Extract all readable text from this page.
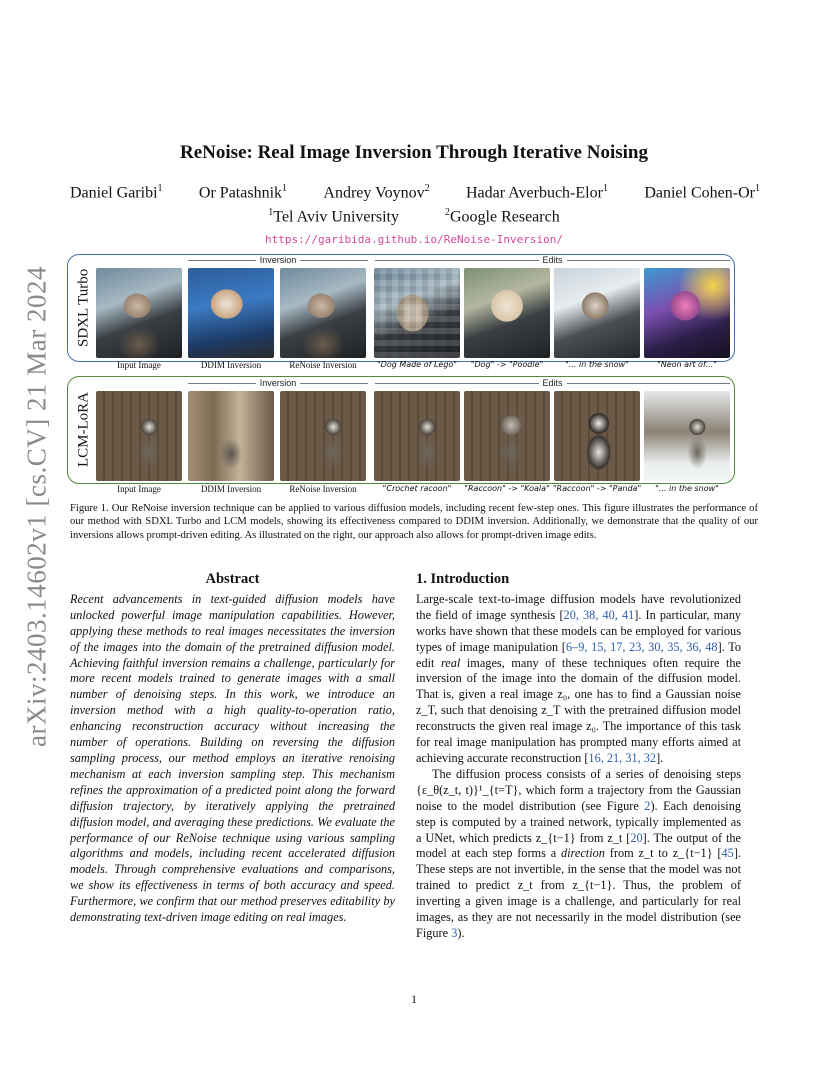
arXiv:2403.14602v1 [cs.CV] 21 Mar 2024
ReNoise: Real Image Inversion Through Iterative Noising
Daniel Garibi$^1$ Or Patashnik$^1$ Andrey Voynov$^2$ Hadar Averbuch-Elor$^1$ Daniel Cohen-Or$^1$
$^1$Tel Aviv University	$^2$Google Research
https://garibida.github.io/ReNoise-Inversion/
SDXL Turbo
LCM-LoRA
Inversion	Edits
Inversion	Edits
Input Image	DDIM Inversion	ReNoise Inversion	"Dog Made of Lego"	"Dog" -> "Poodle"	"... in the snow"	"Neon art of..."
Input Image	DDIM Inversion	ReNoise Inversion	"Crochet racoon"	"Raccoon" -> "Koala" "Raccoon" -> "Panda"	"... in the snow"
Figure 1. Our ReNoise inversion technique can be applied to various diffusion models, including recent few-step ones. This figure illustrates the performance of our method with SDXL Turbo and LCM models, showing its effectiveness compared to DDIM inversion. Additionally, we demonstrate that the quality of our inversions allows prompt-driven editing. As illustrated on the right, our approach also allows for prompt-driven image edits.
Abstract

Recent advancements in text-guided diffusion models have unlocked powerful image manipulation capabilities. However, applying these methods to real images necessitates the inversion of the images into the domain of the pretrained diffusion model. Achieving faithful inversion remains a challenge, particularly for more recent models trained to generate images with a small number of denoising steps. In this work, we introduce an inversion method with a high quality-to-operation ratio, enhancing reconstruction accuracy without increasing the number of operations. Building on reversing the diffusion sampling process, our method employs an iterative renoising mechanism at each inversion sampling step. This mechanism refines the approximation of a predicted point along the forward diffusion trajectory, by iteratively applying the pretrained diffusion model, and averaging these predictions. We evaluate the performance of our ReNoise technique using various sampling algorithms and models, including recent accelerated diffusion models. Through comprehensive evaluations and comparisons, we show its effectiveness in terms of both accuracy and speed. Furthermore, we confirm that our method preserves editability by demonstrating text-driven image editing on real images.

1. Introduction

Large-scale text-to-image diffusion models have revolutionized the field of image synthesis [20, 38, 40, 41]. In particular, many works have shown that these models can be employed for various types of image manipulation [6–9, 15, 17, 23, 30, 35, 36, 48]. To edit real images, many of these techniques often require the inversion of the image into the domain of the diffusion model. That is, given a real image z₀, one has to find a Gaussian noise z_T, such that denoising z_T with the pretrained diffusion model reconstructs the given real image z₀. The importance of this task for real image manipulation has prompted many efforts aimed at achieving accurate reconstruction [16, 21, 31, 32].

The diffusion process consists of a series of denoising steps {ε_θ(z_t, t)}¹_{t=T}, which form a trajectory from the Gaussian noise to the model distribution (see Figure 2). Each denoising step is computed by a trained network, typically implemented as a UNet, which predicts z_{t−1} from z_t [20]. The output of the model at each step forms a direction from z_t to z_{t−1} [45]. These steps are not invertible, in the sense that the model was not trained to predict z_t from z_{t−1}. Thus, the problem of inverting a given image is a challenge, and particularly for real images, as they are not necessarily in the model distribution (see Figure 3).

1
